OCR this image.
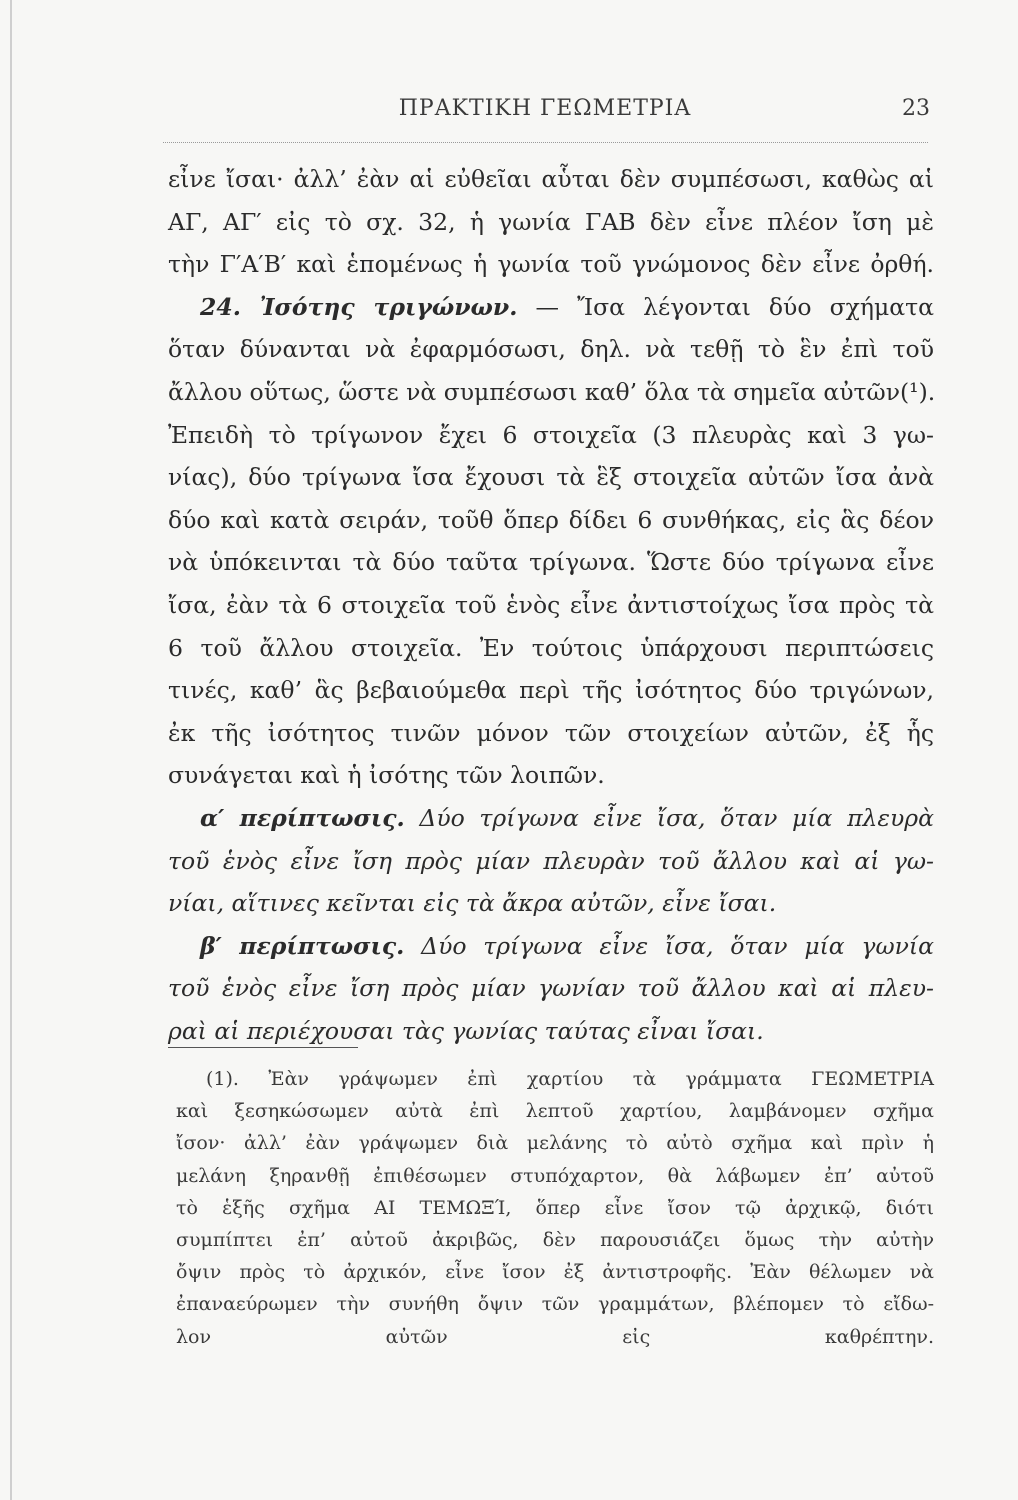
ΠΡΑΚΤΙΚΗ ΓΕΩΜΕΤΡΙΑ	23
εἶνε ἴσαι· ἀλλ’ ἐὰν αἱ εὐθεῖαι αὗται δὲν συμπέσωσι, καθὼς αἱ
ΑΓ, ΑΓ′ εἰς τὸ σχ. 32, ἡ γωνία ΓΑΒ δὲν εἶνε πλέον ἴση μὲ
τὴν Γ′Α′Β′ καὶ ἑπομένως ἡ γωνία τοῦ γνώμονος δὲν εἶνε ὀρθή.
24. Ἰσότης τριγώνων. — Ἴσα λέγονται δύο σχήματα
ὅταν δύνανται νὰ ἐφαρμόσωσι, δηλ. νὰ τεθῇ τὸ ἓν ἐπὶ τοῦ
ἄλλου οὕτως, ὥστε νὰ συμπέσωσι καθ’ ὅλα τὰ σημεῖα αὐτῶν(¹).
Ἐπειδὴ τὸ τρίγωνον ἔχει 6 στοιχεῖα (3 πλευρὰς καὶ 3 γω-
νίας), δύο τρίγωνα ἴσα ἔχουσι τὰ ἓξ στοιχεῖα αὐτῶν ἴσα ἀνὰ
δύο καὶ κατὰ σειράν, τοῦθ ὅπερ δίδει 6 συνθήκας, εἰς ἃς δέον
νὰ ὑπόκεινται τὰ δύο ταῦτα τρίγωνα. Ὥστε δύο τρίγωνα εἶνε
ἴσα, ἐὰν τὰ 6 στοιχεῖα τοῦ ἑνὸς εἶνε ἀντιστοίχως ἴσα πρὸς τὰ
6 τοῦ ἄλλου στοιχεῖα. Ἐν τούτοις ὑπάρχουσι περιπτώσεις
τινές, καθ’ ἃς βεβαιούμεθα περὶ τῆς ἰσότητος δύο τριγώνων,
ἐκ τῆς ἰσότητος τινῶν μόνον τῶν στοιχείων αὐτῶν, ἐξ ἧς
συνάγεται καὶ ἡ ἰσότης τῶν λοιπῶν.
α′ περίπτωσις. Δύο τρίγωνα εἶνε ἴσα, ὅταν μία πλευρὰ
τοῦ ἑνὸς εἶνε ἴση πρὸς μίαν πλευρὰν τοῦ ἄλλου καὶ αἱ γω-
νίαι, αἵτινες κεῖνται εἰς τὰ ἄκρα αὐτῶν, εἶνε ἴσαι.
β′ περίπτωσις. Δύο τρίγωνα εἶνε ἴσα, ὅταν μία γωνία
τοῦ ἑνὸς εἶνε ἴση πρὸς μίαν γωνίαν τοῦ ἄλλου καὶ αἱ πλευ-
ραὶ αἱ περιέχουσαι τὰς γωνίας ταύτας εἶναι ἴσαι.
(1). Ἐὰν γράψωμεν ἐπὶ χαρτίου τὰ γράμματα ΓΕΩΜΕΤΡΙΑ
καὶ ξεσηκώσωμεν αὐτὰ ἐπὶ λεπτοῦ χαρτίου, λαμβάνομεν σχῆμα
ἴσον· ἀλλ’ ἐὰν γράψωμεν διὰ μελάνης τὸ αὐτὸ σχῆμα καὶ πρὶν ἡ
μελάνη ξηρανθῇ ἐπιθέσωμεν στυπόχαρτον, θὰ λάβωμεν ἐπ’ αὐτοῦ
τὸ ἑξῆς σχῆμα ΑΙ ΤΕΜΩΞΊ, ὅπερ εἶνε ἴσον τῷ ἀρχικῷ, διότι
συμπίπτει ἐπ’ αὐτοῦ ἀκριβῶς, δὲν παρουσιάζει ὅμως τὴν αὐτὴν
ὄψιν πρὸς τὸ ἀρχικόν, εἶνε ἴσον ἐξ ἀντιστροφῆς. Ἐὰν θέλωμεν νὰ
ἐπαναεύρωμεν τὴν συνήθη ὄψιν τῶν γραμμάτων, βλέπομεν τὸ εἴδω-
λον αὐτῶν εἰς καθρέπτην.
